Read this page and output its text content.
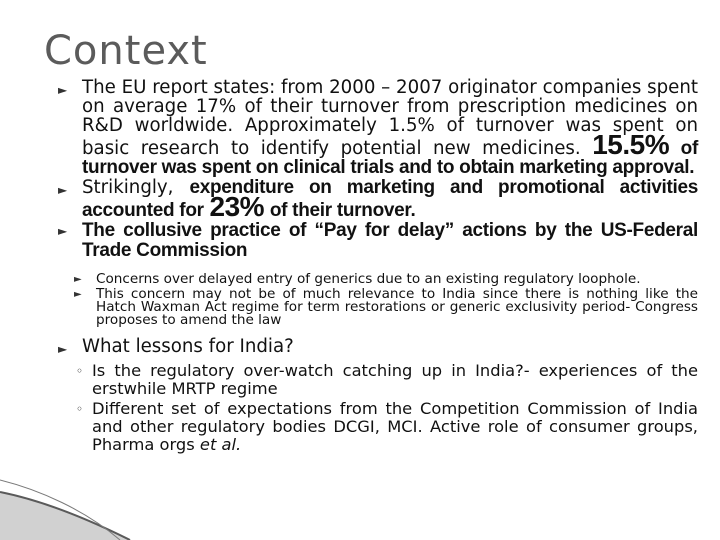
Context
► The EU report states: from 2000 – 2007 originator companies spent on average 17% of their turnover from prescription medicines on R&D worldwide. Approximately 1.5% of turnover was spent on basic research to identify potential new medicines. 15.5% of turnover was spent on clinical trials and to obtain marketing approval.
► Strikingly, expenditure on marketing and promotional activities accounted for 23% of their turnover.
► The collusive practice of “Pay for delay” actions by the US-Federal Trade Commission
► Concerns over delayed entry of generics due to an existing regulatory loophole.
► This concern may not be of much relevance to India since there is nothing like the Hatch Waxman Act regime for term restorations or generic exclusivity period- Congress proposes to amend the law
► What lessons for India?
◦ Is the regulatory over-watch catching up in India?- experiences of the erstwhile MRTP regime
◦ Different set of expectations from the Competition Commission of India and other regulatory bodies DCGI, MCI. Active role of consumer groups, Pharma orgs et al.
